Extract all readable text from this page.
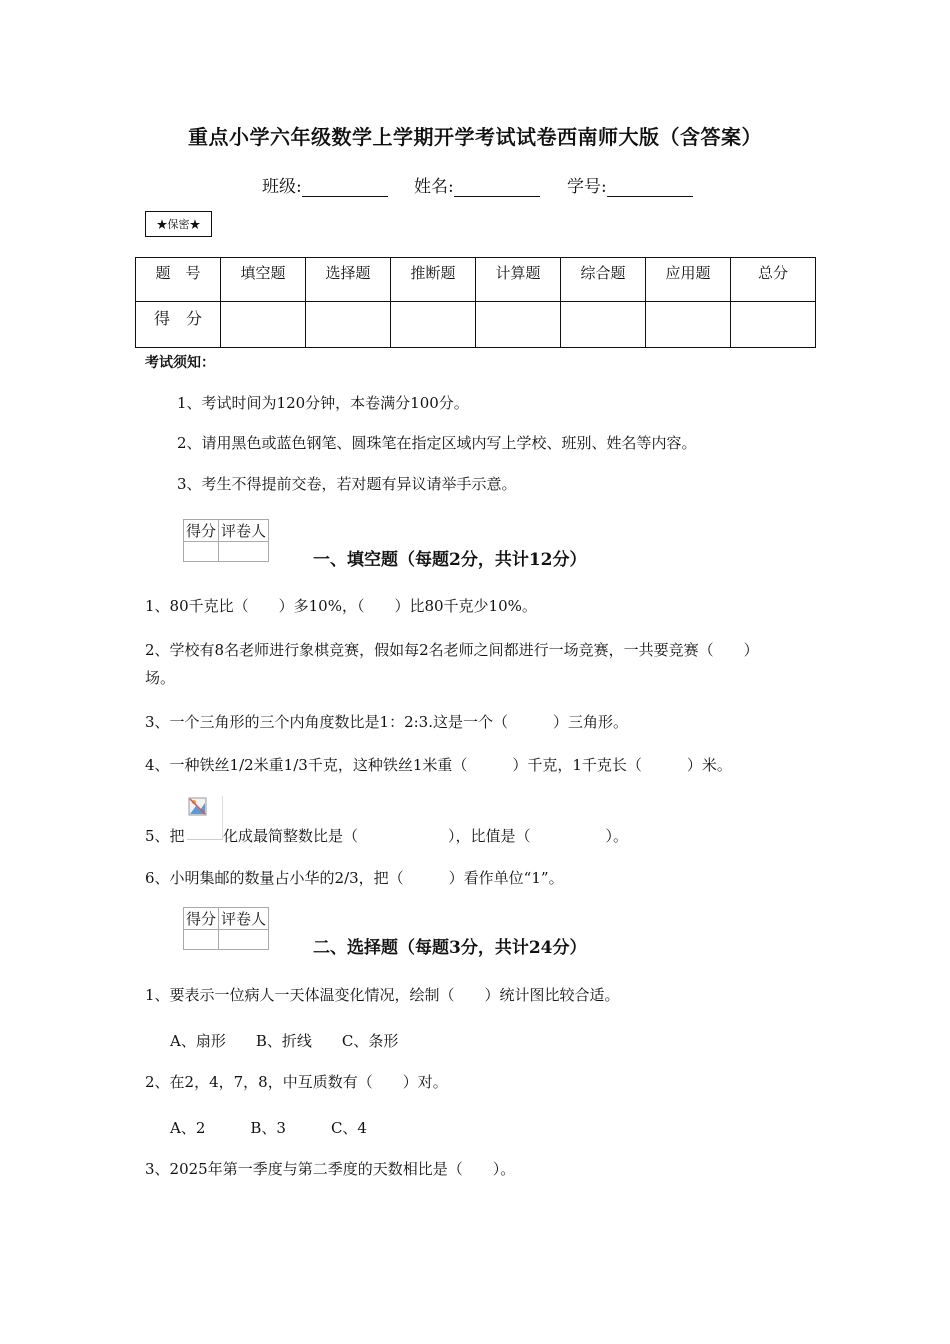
重点小学六年级数学上学期开学考试试卷西南师大版（含答案）
班级:	姓名:	学号:
★保密★
题　号	填空题	选择题	推断题	计算题	综合题	应用题	总分
得　分							
考试须知：
1、考试时间为120分钟，本卷满分100分。
2、请用黑色或蓝色钢笔、圆珠笔在指定区域内写上学校、班别、姓名等内容。
3、考生不得提前交卷，若对题有异议请举手示意。
得分	评卷人

一、填空题（每题2分，共计12分）
1、80千克比（　　）多10%，（　　）比80千克少10%。
2、学校有8名老师进行象棋竞赛，假如每2名老师之间都进行一场竞赛，一共要竞赛（　　）
场。
3、一个三角形的三个内角度数比是1：2:3.这是一个（　　　）三角形。
4、一种铁丝1/2米重1/3千克，这种铁丝1米重（　　　）千克，1千克长（　　　）米。
5、把	化成最简整数比是（　　　　　　），比值是（　　　　　）。
6、小明集邮的数量占小华的2/3，把（　　　）看作单位“1”。
得分	评卷人

二、选择题（每题3分，共计24分）
1、要表示一位病人一天体温变化情况，绘制（　　）统计图比较合适。
A、扇形　　B、折线　　C、条形
2、在2，4，7，8，中互质数有（　　）对。
A、2　　　B、3　　　C、4
3、2025年第一季度与第二季度的天数相比是（　　）。
